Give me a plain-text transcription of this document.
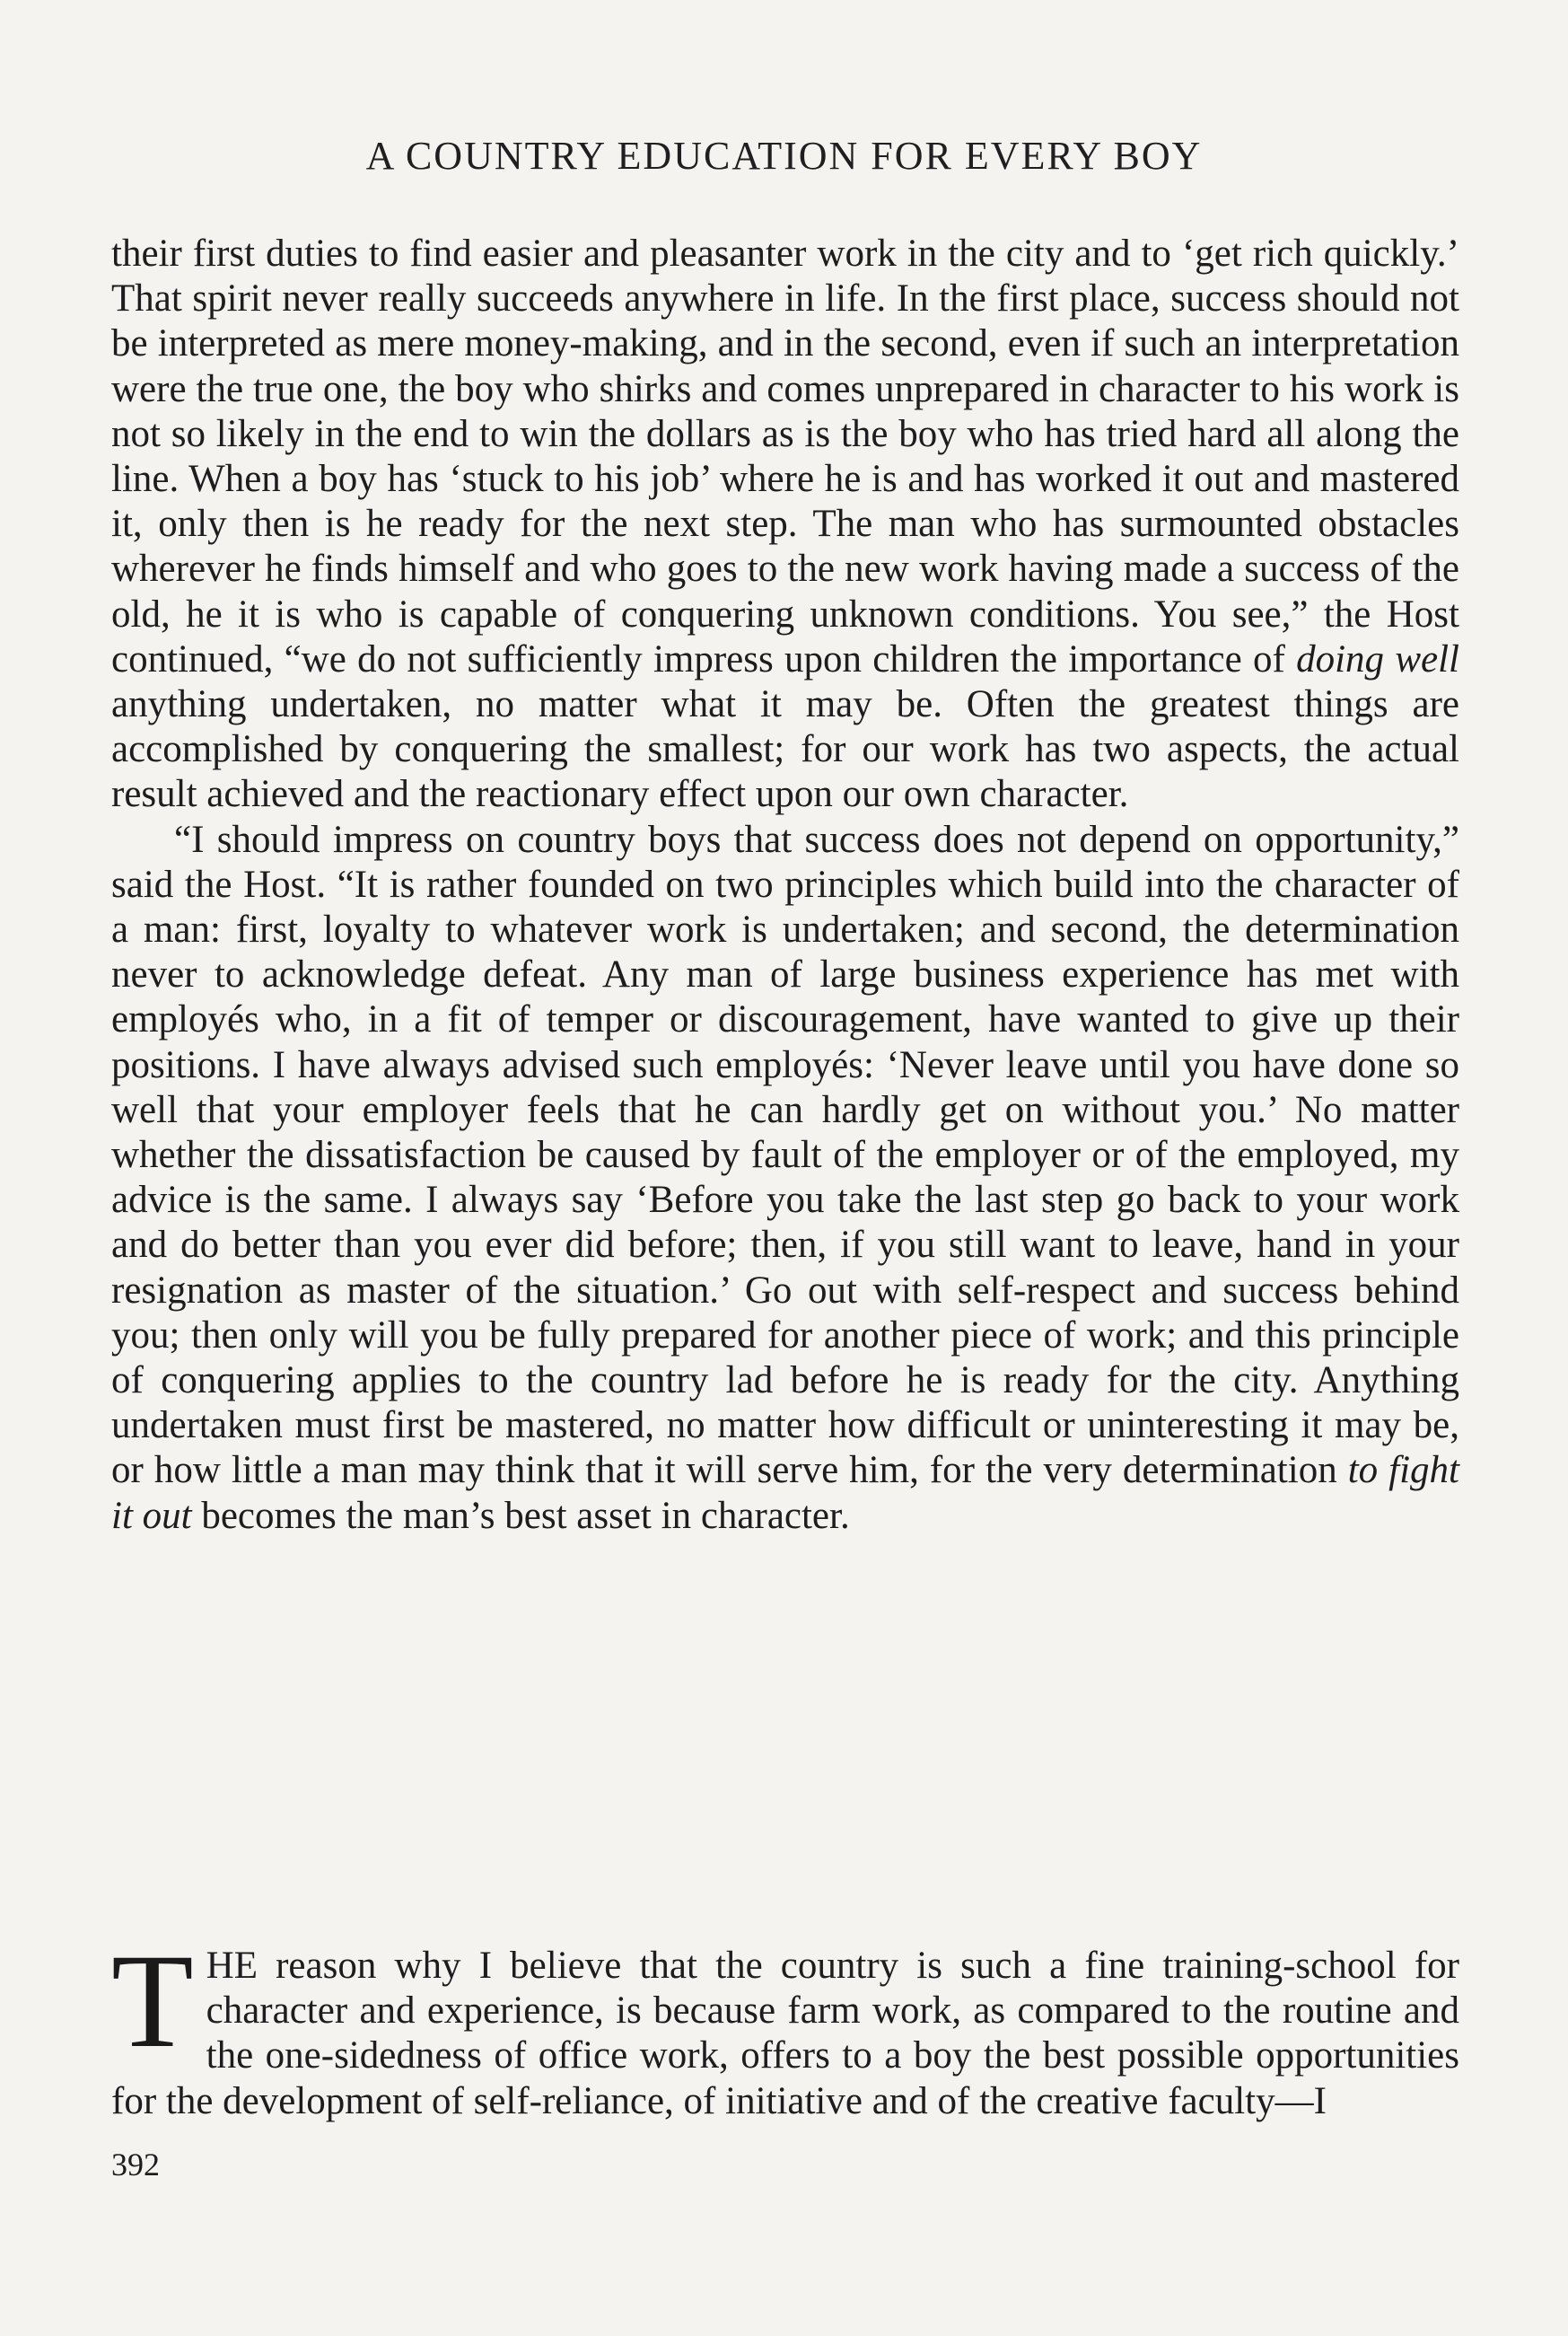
A COUNTRY EDUCATION FOR EVERY BOY

their first duties to find easier and pleasanter work in the city and to ‘get rich quickly.’ That spirit never really succeeds anywhere in life. In the first place, success should not be interpreted as mere money-making, and in the second, even if such an interpretation were the true one, the boy who shirks and comes unprepared in character to his work is not so likely in the end to win the dollars as is the boy who has tried hard all along the line. When a boy has ‘stuck to his job’ where he is and has worked it out and mastered it, only then is he ready for the next step. The man who has surmounted obstacles wherever he finds himself and who goes to the new work having made a success of the old, he it is who is capable of conquering unknown conditions. You see,” the Host continued, “we do not sufficiently impress upon children the importance of doing well anything undertaken, no matter what it may be. Often the greatest things are accomplished by conquering the smallest; for our work has two aspects, the actual result achieved and the reactionary effect upon our own character.

“I should impress on country boys that success does not depend on opportunity,” said the Host. “It is rather founded on two principles which build into the character of a man: first, loyalty to whatever work is undertaken; and second, the determination never to acknowledge defeat. Any man of large business experience has met with employés who, in a fit of temper or discouragement, have wanted to give up their positions. I have always advised such employés: ‘Never leave until you have done so well that your employer feels that he can hardly get on without you.’ No matter whether the dissatisfaction be caused by fault of the employer or of the employed, my advice is the same. I always say ‘Before you take the last step go back to your work and do better than you ever did before; then, if you still want to leave, hand in your resignation as master of the situation.’ Go out with self-respect and success behind you; then only will you be fully prepared for another piece of work; and this principle of conquering applies to the country lad before he is ready for the city. Anything undertaken must first be mastered, no matter how difficult or uninteresting it may be, or how little a man may think that it will serve him, for the very determination to fight it out becomes the man’s best asset in character.

THE reason why I believe that the country is such a fine training-school for character and experience, is because farm work, as compared to the routine and the one-sidedness of office work, offers to a boy the best possible opportunities for the development of self-reliance, of initiative and of the creative faculty—I

392
